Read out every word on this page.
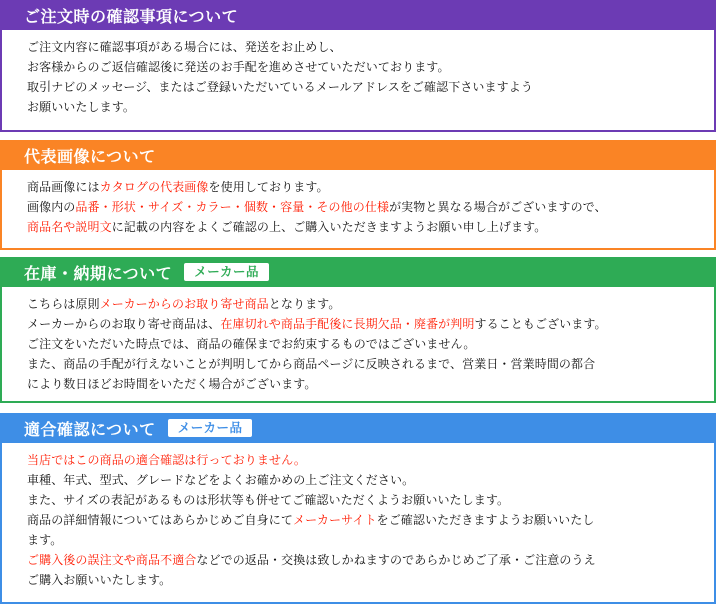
ご注文時の確認事項について
ご注文内容に確認事項がある場合には、発送をお止めし、
お客様からのご返信確認後に発送のお手配を進めさせていただいております。
取引ナビのメッセージ、またはご登録いただいているメールアドレスをご確認下さいますよう
お願いいたします。
代表画像について
商品画像にはカタログの代表画像を使用しております。
画像内の品番・形状・サイズ・カラー・個数・容量・その他の仕様が実物と異なる場合がございますので、
商品名や説明文に記載の内容をよくご確認の上、ご購入いただきますようお願い申し上げます。
在庫・納期について	メーカー品
こちらは原則メーカーからのお取り寄せ商品となります。
メーカーからのお取り寄せ商品は、在庫切れや商品手配後に長期欠品・廃番が判明することもございます。
ご注文をいただいた時点では、商品の確保までお約束するものではございません。
また、商品の手配が行えないことが判明してから商品ページに反映されるまで、営業日・営業時間の都合
により数日ほどお時間をいただく場合がございます。
適合確認について	メーカー品
当店ではこの商品の適合確認は行っておりません。
車種、年式、型式、グレードなどをよくお確かめの上ご注文ください。
また、サイズの表記があるものは形状等も併せてご確認いただくようお願いいたします。
商品の詳細情報についてはあらかじめご自身にてメーカーサイトをご確認いただきますようお願いいたし
ます。
ご購入後の誤注文や商品不適合などでの返品・交換は致しかねますのであらかじめご了承・ご注意のうえ
ご購入お願いいたします。
